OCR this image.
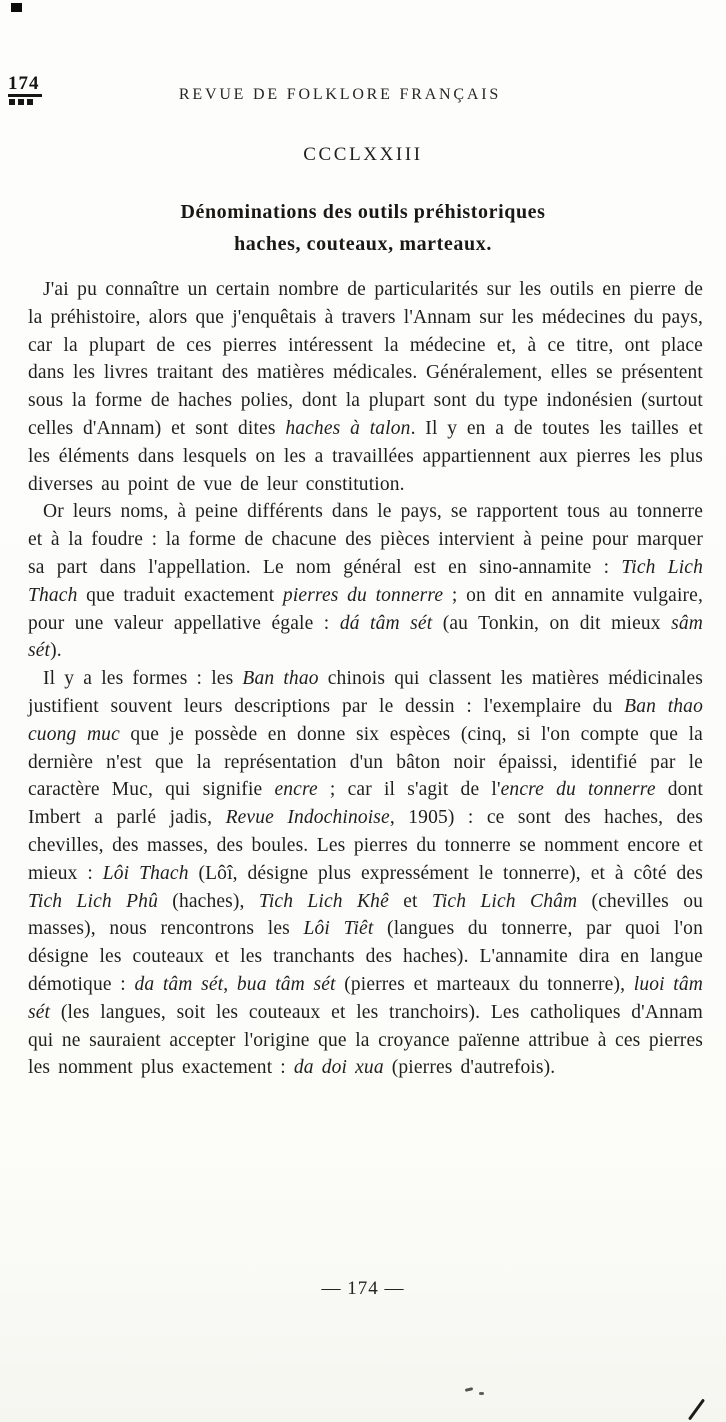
174
REVUE DE FOLKLORE FRANÇAIS
CCCLXXIII
Dénominations des outils préhistoriques
haches, couteaux, marteaux.

J'ai pu connaître un certain nombre de particularités sur les outils en pierre de la préhistoire, alors que j'enquêtais à travers l'Annam sur les médecines du pays, car la plupart de ces pierres intéressent la médecine et, à ce titre, ont place dans les livres traitant des matières médicales. Généralement, elles se présentent sous la forme de haches polies, dont la plupart sont du type indonésien (surtout celles d'Annam) et sont dites haches à talon. Il y en a de toutes les tailles et les éléments dans lesquels on les a travaillées appartiennent aux pierres les plus diverses au point de vue de leur constitution.

Or leurs noms, à peine différents dans le pays, se rapportent tous au tonnerre et à la foudre : la forme de chacune des pièces intervient à peine pour marquer sa part dans l'appellation. Le nom général est en sino-annamite : Tich Lich Thach que traduit exactement pierres du tonnerre ; on dit en annamite vulgaire, pour une valeur appellative égale : dá tâm sét (au Tonkin, on dit mieux sâm sét).

Il y a les formes : les Ban thao chinois qui classent les matières médicinales justifient souvent leurs descriptions par le dessin : l'exemplaire du Ban thao cuong muc que je possède en donne six espèces (cinq, si l'on compte que la dernière n'est que la représentation d'un bâton noir épaissi, identifié par le caractère Muc, qui signifie encre ; car il s'agit de l'encre du tonnerre dont Imbert a parlé jadis, Revue Indochinoise, 1905) : ce sont des haches, des chevilles, des masses, des boules. Les pierres du tonnerre se nomment encore et mieux : Lôi Thach (Lôî, désigne plus expressément le tonnerre), et à côté des Tich Lich Phû (haches), Tich Lich Khê et Tich Lich Châm (chevilles ou masses), nous rencontrons les Lôi Tiêt (langues du tonnerre, par quoi l'on désigne les couteaux et les tranchants des haches). L'annamite dira en langue démotique : da tâm sét, bua tâm sét (pierres et marteaux du tonnerre), luoi tâm sét (les langues, soit les couteaux et les tranchoirs). Les catholiques d'Annam qui ne sauraient accepter l'origine que la croyance païenne attribue à ces pierres les nomment plus exactement : da doi xua (pierres d'autrefois).

— 174 —
